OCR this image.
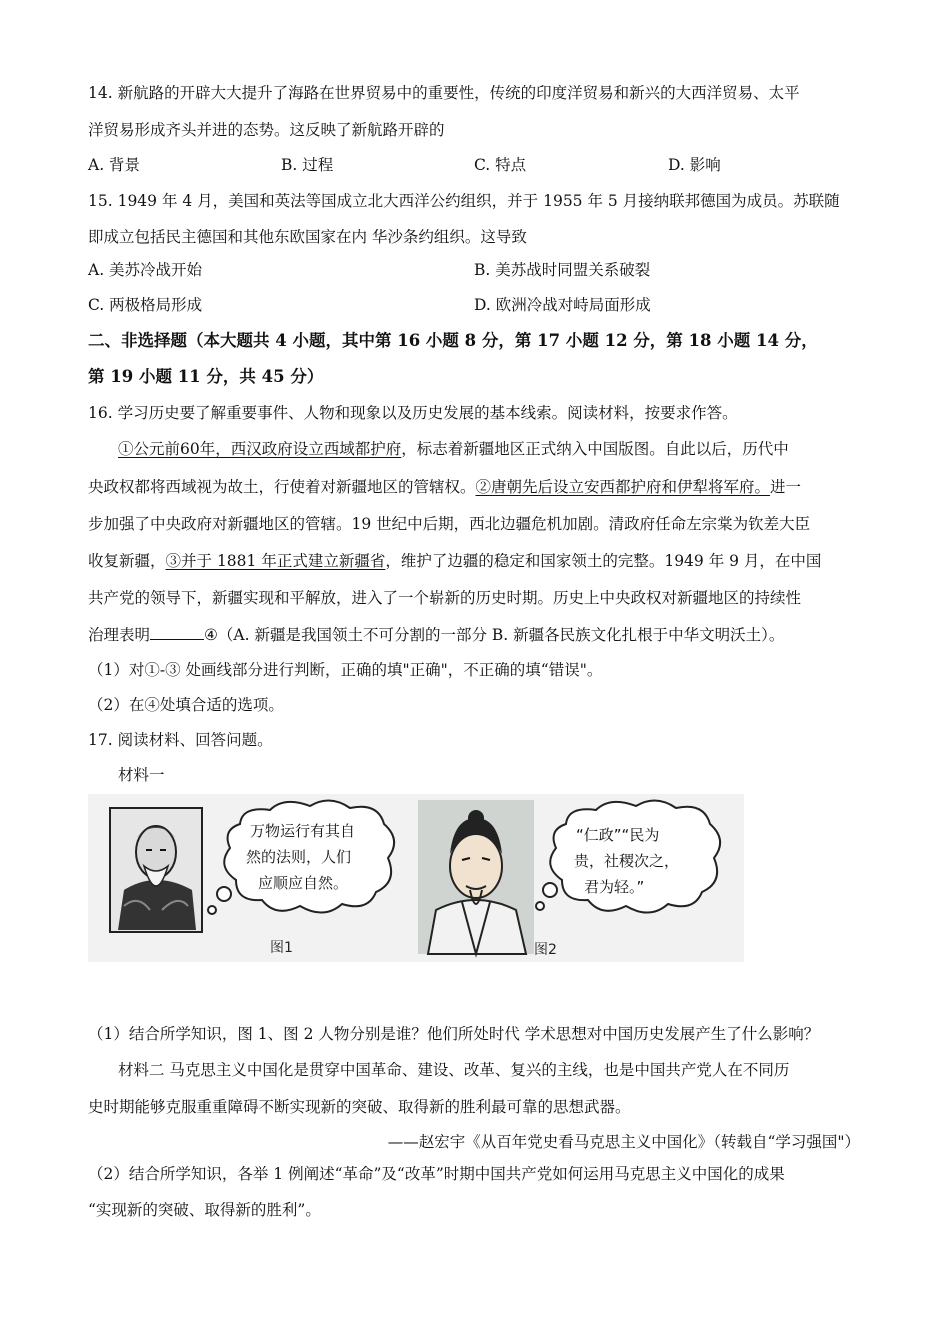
14. 新航路的开辟大大提升了海路在世界贸易中的重要性，传统的印度洋贸易和新兴的大西洋贸易、太平
洋贸易形成齐头并进的态势。这反映了新航路开辟的
A. 背景	B. 过程	C. 特点	D. 影响
15. 1949 年 4 月，美国和英法等国成立北大西洋公约组织，并于 1955 年 5 月接纳联邦德国为成员。苏联随
即成立包括民主德国和其他东欧国家在内 华沙条约组织。这导致
A. 美苏冷战开始	B. 美苏战时同盟关系破裂
C. 两极格局形成	D. 欧洲冷战对峙局面形成
二、非选择题（本大题共 4 小题，其中第 16 小题 8 分，第 17 小题 12 分，第 18 小题 14 分，
第 19 小题 11 分，共 45 分）
16. 学习历史要了解重要事件、人物和现象以及历史发展的基本线索。阅读材料，按要求作答。
①公元前60年，西汉政府设立西域都护府，标志着新疆地区正式纳入中国版图。自此以后，历代中
央政权都将西域视为故土，行使着对新疆地区的管辖权。②唐朝先后设立安西都护府和伊犁将军府。进一
步加强了中央政府对新疆地区的管辖。19 世纪中后期，西北边疆危机加剧。清政府任命左宗棠为钦差大臣
收复新疆，③并于 1881 年正式建立新疆省，维护了边疆的稳定和国家领土的完整。1949 年 9 月，在中国
共产党的领导下，新疆实现和平解放，进入了一个崭新的历史时期。历史上中央政权对新疆地区的持续性
治理表明	④（A. 新疆是我国领土不可分割的一部分 B. 新疆各民族文化扎根于中华文明沃土）。
（1）对①-③ 处画线部分进行判断，正确的填"正确"，不正确的填“错误"。
（2）在④处填合适的选项。
17. 阅读材料、回答问题。
材料一
万物运行有其自
然的法则，人们
应顺应自然。
“仁政”“民为
贵，社稷次之，
君为轻。”
图1	图2
（1）结合所学知识，图 1、图 2 人物分别是谁？他们所处时代 学术思想对中国历史发展产生了什么影响？
材料二 马克思主义中国化是贯穿中国革命、建设、改革、复兴的主线，也是中国共产党人在不同历
史时期能够克服重重障碍不断实现新的突破、取得新的胜利最可靠的思想武器。
——赵宏宇《从百年党史看马克思主义中国化》（转载自“学习强国"）
（2）结合所学知识，各举 1 例阐述“革命”及“改革”时期中国共产党如何运用马克思主义中国化的成果
“实现新的突破、取得新的胜利”。
